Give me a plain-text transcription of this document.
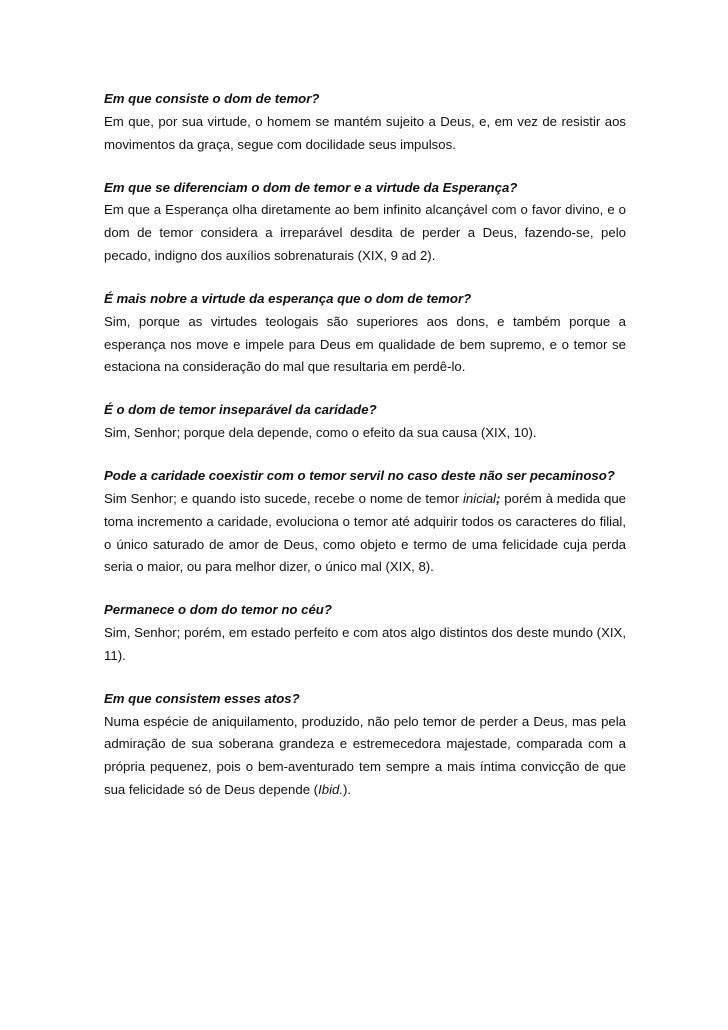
Em que consiste o dom de temor?

Em que, por sua virtude, o homem se mantém sujeito a Deus, e, em vez de resistir aos movimentos da graça, segue com docilidade seus impulsos.

Em que se diferenciam o dom de temor e a virtude da Esperança?

Em que a Esperança olha diretamente ao bem infinito alcançável com o favor divino, e o dom de temor considera a irreparável desdita de perder a Deus, fazendo-se, pelo pecado, indigno dos auxílios sobrenaturais (XIX, 9 ad 2).

É mais nobre a virtude da esperança que o dom de temor?

Sim, porque as virtudes teologais são superiores aos dons, e também porque a esperança nos move e impele para Deus em qualidade de bem supremo, e o temor se estaciona na consideração do mal que resultaria em perdê-lo.

É o dom de temor inseparável da caridade?

Sim, Senhor; porque dela depende, como o efeito da sua causa (XIX, 10).

Pode a caridade coexistir com o temor servil no caso deste não ser pecaminoso?

Sim Senhor; e quando isto sucede, recebe o nome de temor inicial; porém à medida que toma incremento a caridade, evoluciona o temor até adquirir todos os caracteres do filial, o único saturado de amor de Deus, como objeto e termo de uma felicidade cuja perda seria o maior, ou para melhor dizer, o único mal (XIX, 8).

Permanece o dom do temor no céu?

Sim, Senhor; porém, em estado perfeito e com atos algo distintos dos deste mundo (XIX, 11).

Em que consistem esses atos?

Numa espécie de aniquilamento, produzido, não pelo temor de perder a Deus, mas pela admiração de sua soberana grandeza e estremecedora majestade, comparada com a própria pequenez, pois o bem-aventurado tem sempre a mais íntima convicção de que sua felicidade só de Deus depende (Ibid.).
